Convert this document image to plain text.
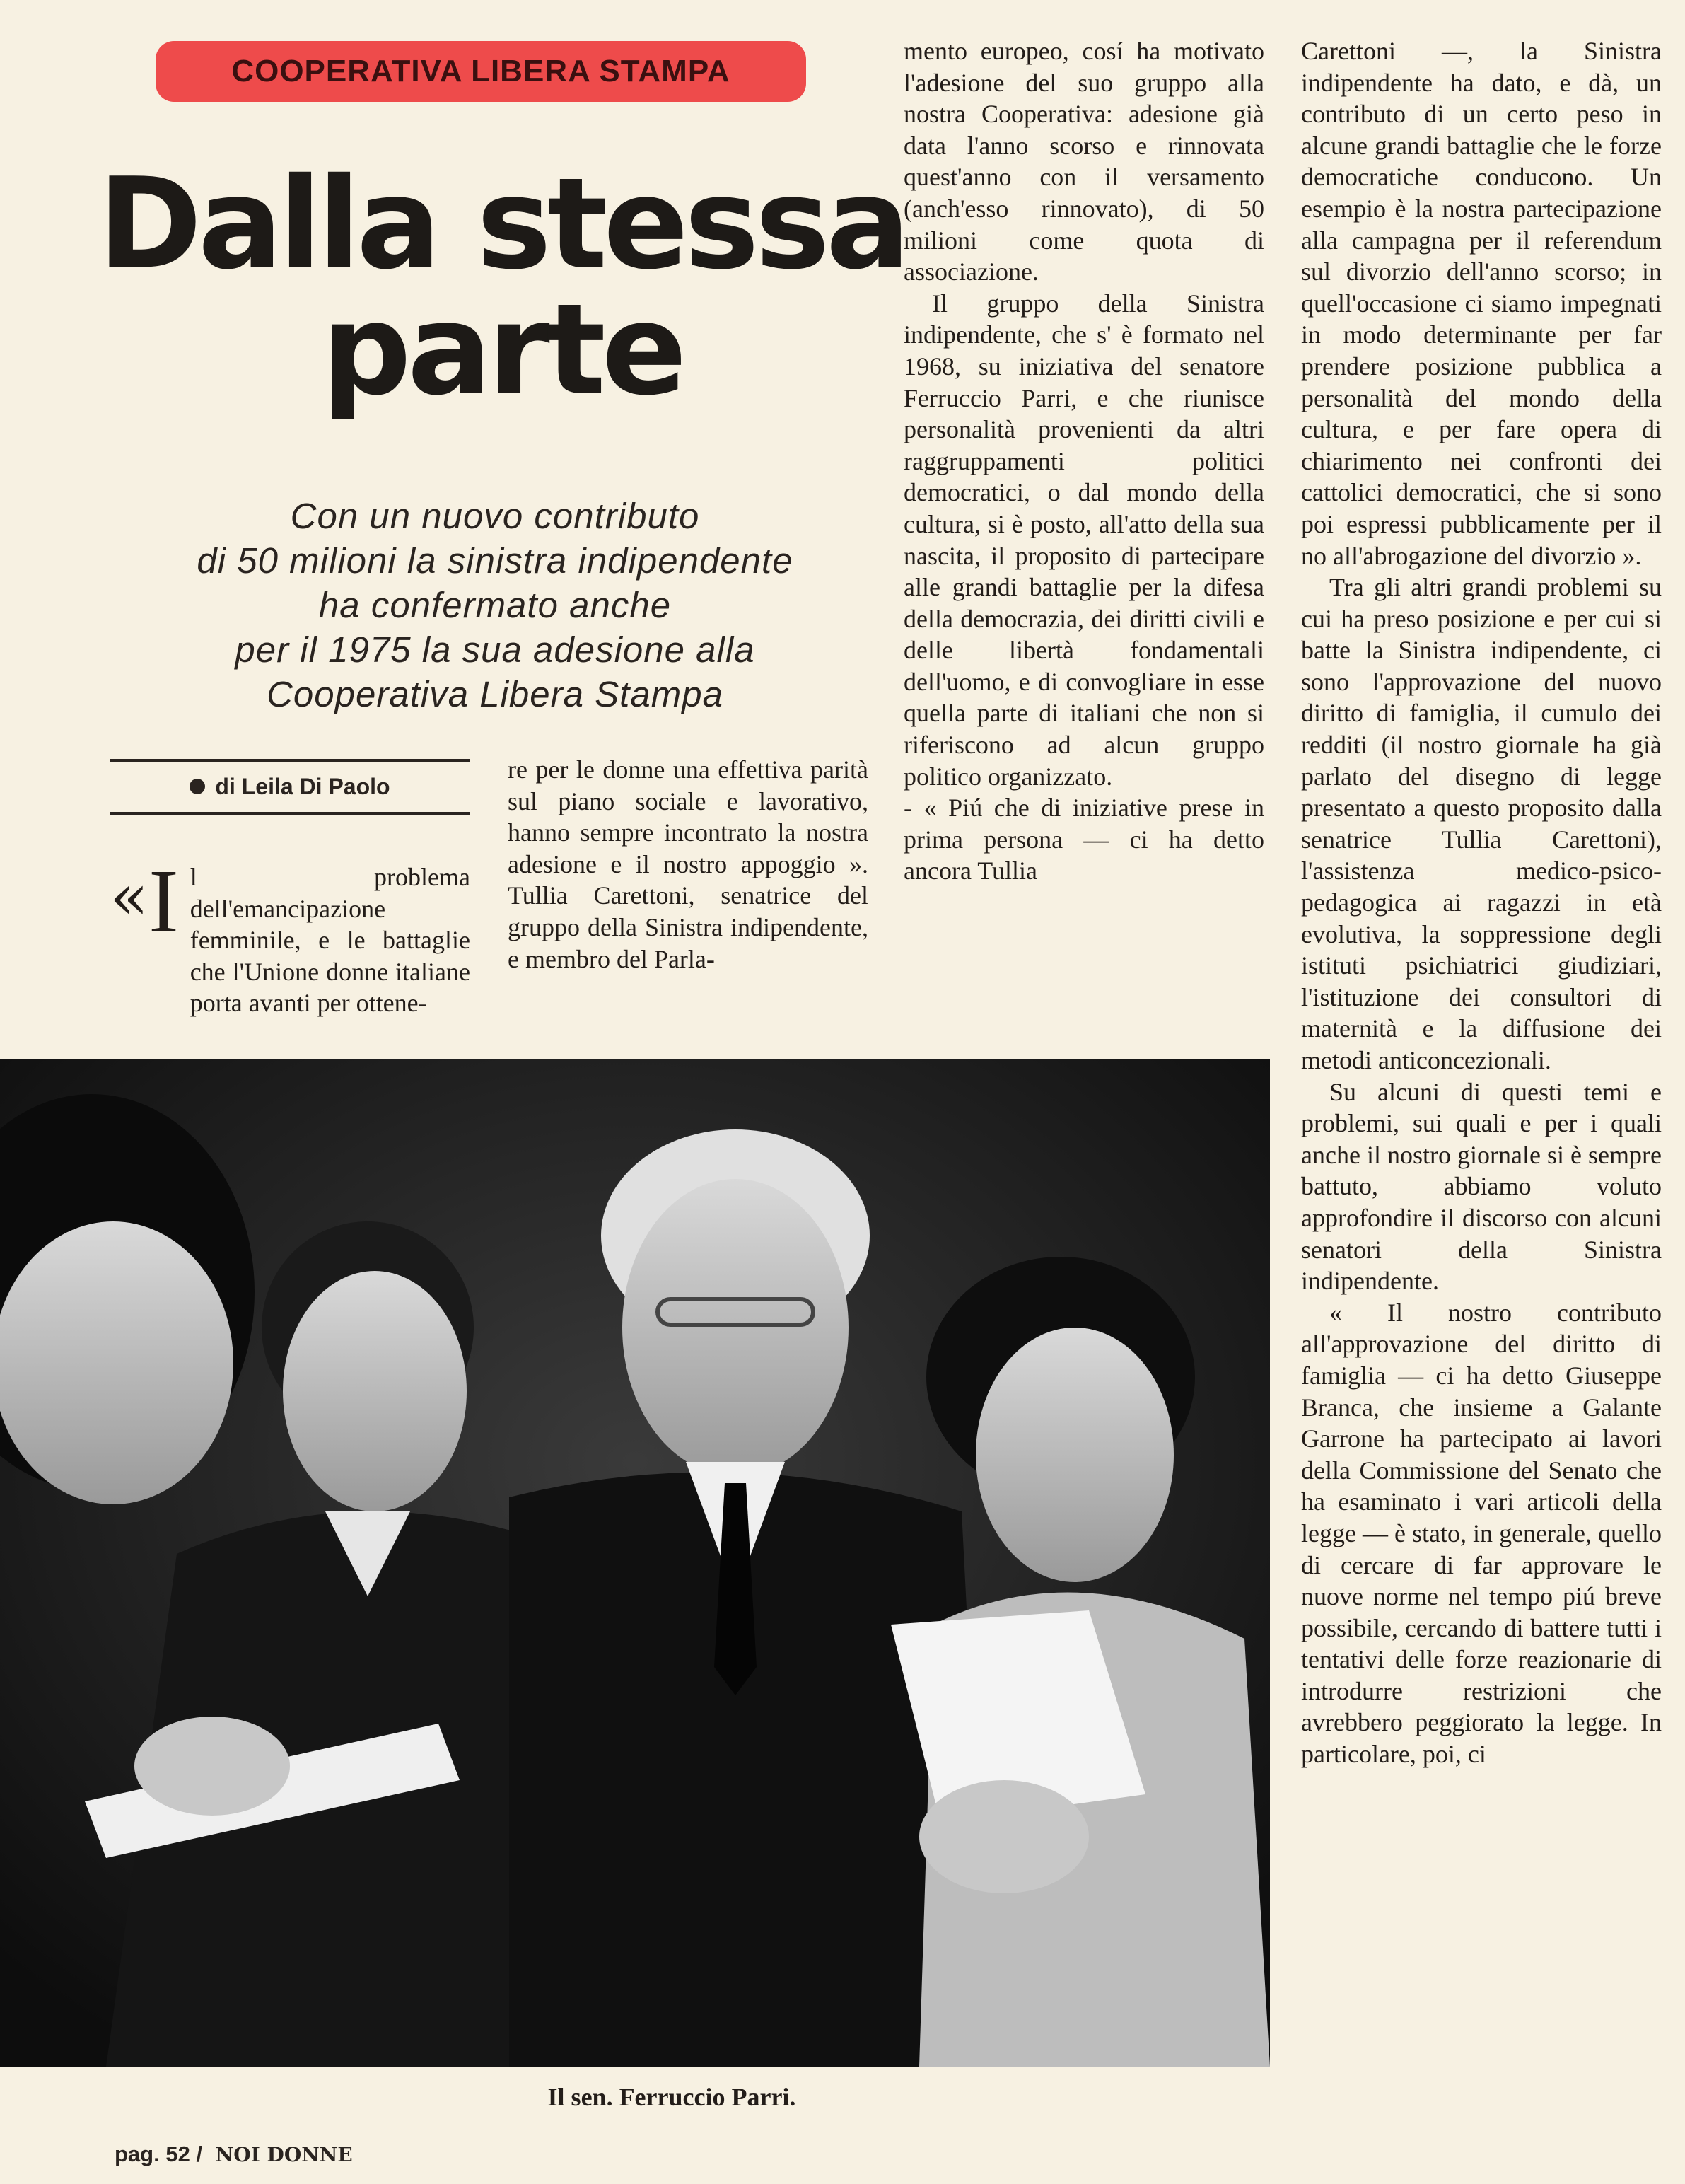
COOPERATIVA LIBERA STAMPA
Dalla stessa
parte
Con un nuovo contributo
di 50 milioni la sinistra indipendente
ha confermato anche
per il 1975 la sua adesione alla
Cooperativa Libera Stampa
di Leila Di Paolo
« I l problema dell'emancipazione femminile, e le battaglie che l'Unione donne italiane porta avanti per ottene-

re per le donne una effettiva parità sul piano sociale e lavorativo, hanno sempre incontrato la nostra adesione e il nostro appoggio ». Tullia Carettoni, senatrice del gruppo della Sinistra indipendente, e membro del Parla-

mento europeo, cosí ha motivato l'adesione del suo gruppo alla nostra Cooperativa: adesione già data l'anno scorso e rinnovata quest'anno con il versamento (anch'esso rinnovato), di 50 milioni come quota di associazione.

Il gruppo della Sinistra indipendente, che s' è formato nel 1968, su iniziativa del senatore Ferruccio Parri, e che riunisce personalità provenienti da altri raggruppamenti politici democratici, o dal mondo della cultura, si è posto, all'atto della sua nascita, il proposito di partecipare alle grandi battaglie per la difesa della democrazia, dei diritti civili e delle libertà fondamentali dell'uomo, e di convogliare in esse quella parte di italiani che non si riferiscono ad alcun gruppo politico organizzato.

- « Piú che di iniziative prese in prima persona — ci ha detto ancora Tullia

Carettoni —, la Sinistra indipendente ha dato, e dà, un contributo di un certo peso in alcune grandi battaglie che le forze democratiche conducono. Un esempio è la nostra partecipazione alla campagna per il referendum sul divorzio dell'anno scorso; in quell'occasione ci siamo impegnati in modo determinante per far prendere posizione pubblica a personalità del mondo della cultura, e per fare opera di chiarimento nei confronti dei cattolici democratici, che si sono poi espressi pubblicamente per il no all'abrogazione del divorzio ».

Tra gli altri grandi problemi su cui ha preso posizione e per cui si batte la Sinistra indipendente, ci sono l'approvazione del nuovo diritto di famiglia, il cumulo dei redditi (il nostro giornale ha già parlato del disegno di legge presentato a questo proposito dalla senatrice Tullia Carettoni), l'assistenza medico-psico-pedagogica ai ragazzi in età evolutiva, la soppressione degli istituti psichiatrici giudiziari, l'istituzione dei consultori di maternità e la diffusione dei metodi anticoncezionali.

Su alcuni di questi temi e problemi, sui quali e per i quali anche il nostro giornale si è sempre battuto, abbiamo voluto approfondire il discorso con alcuni senatori della Sinistra indipendente.

« Il nostro contributo all'approvazione del diritto di famiglia — ci ha detto Giuseppe Branca, che insieme a Galante Garrone ha partecipato ai lavori della Commissione del Senato che ha esaminato i vari articoli della legge — è stato, in generale, quello di cercare di far approvare le nuove norme nel tempo piú breve possibile, cercando di battere tutti i tentativi delle forze reazionarie di introdurre restrizioni che avrebbero peggiorato la legge. In particolare, poi, ci

Il sen. Ferruccio Parri.
pag. 52 / NOI DONNE
